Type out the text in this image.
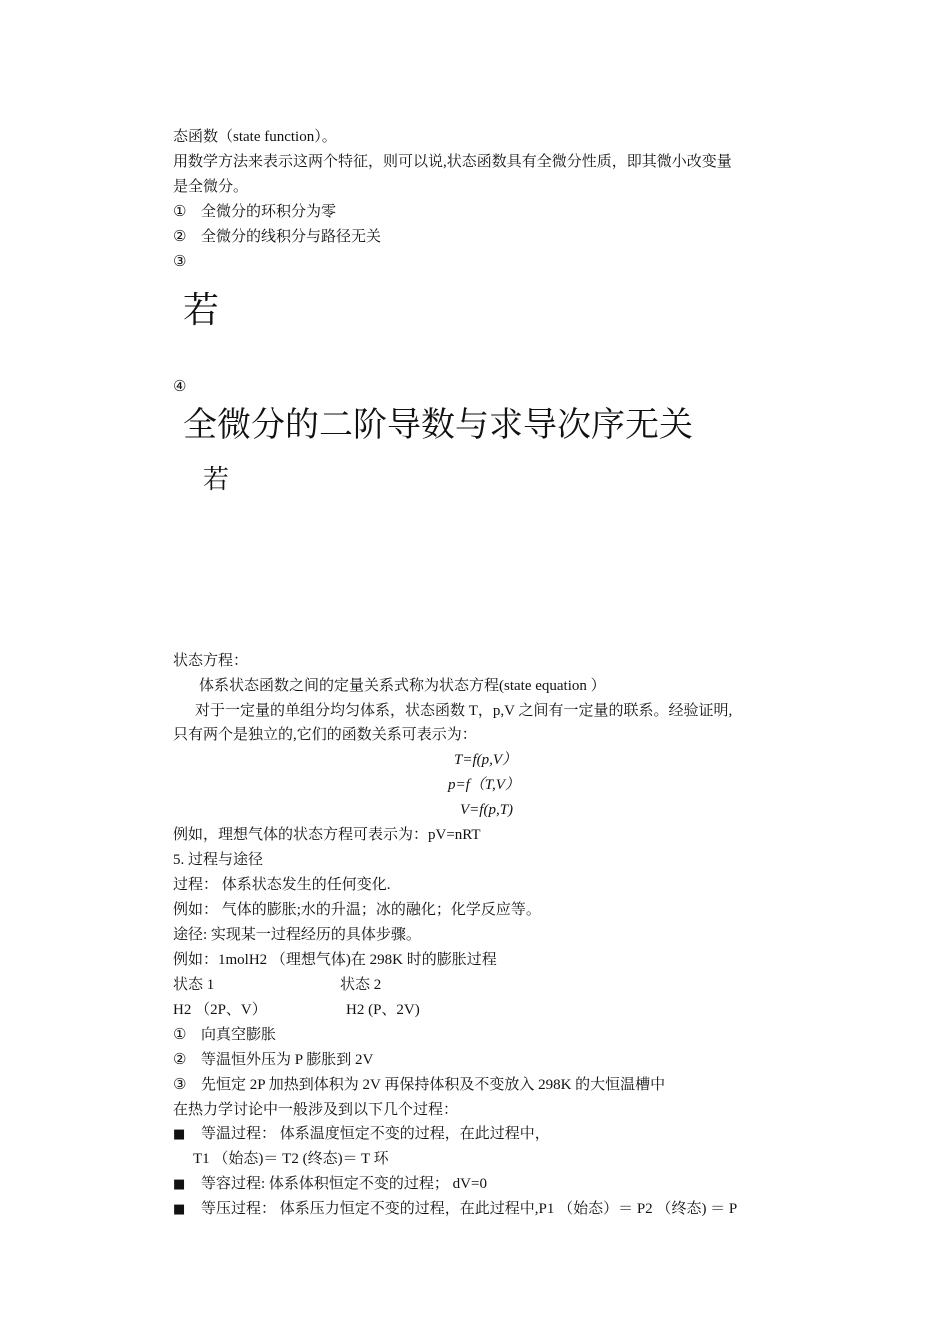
态函数（state function）。
用数学方法来表示这两个特征，则可以说,状态函数具有全微分性质，即其微小改变量
是全微分。
① 全微分的环积分为零
② 全微分的线积分与路径无关
③
若
④
全微分的二阶导数与求导次序无关
若
状态方程：
体系状态函数之间的定量关系式称为状态方程(state equation ）
对于一定量的单组分均匀体系，状态函数 T，p,V 之间有一定量的联系。经验证明,
只有两个是独立的,它们的函数关系可表示为：
T=f(p,V）
p=f（T,V）
V=f(p,T)
例如，理想气体的状态方程可表示为：pV=nRT
5. 过程与途径
过程： 体系状态发生的任何变化.
例如： 气体的膨胀;水的升温；冰的融化；化学反应等。
途径: 实现某一过程经历的具体步骤。
例如：1molH2 （理想气体)在 298K 时的膨胀过程
状态 1	状态 2
H2 （2P、V）	H2 (P、2V)
① 向真空膨胀
② 等温恒外压为 P 膨胀到 2V
③ 先恒定 2P 加热到体积为 2V 再保持体积及不变放入 298K 的大恒温槽中
在热力学讨论中一般涉及到以下几个过程：
■ 等温过程： 体系温度恒定不变的过程，在此过程中，
T1 （始态)＝ T2 (终态)＝ T 环
■ 等容过程: 体系体积恒定不变的过程； dV=0
■ 等压过程： 体系压力恒定不变的过程，在此过程中,P1 （始态）＝ P2 （终态) ＝ P
